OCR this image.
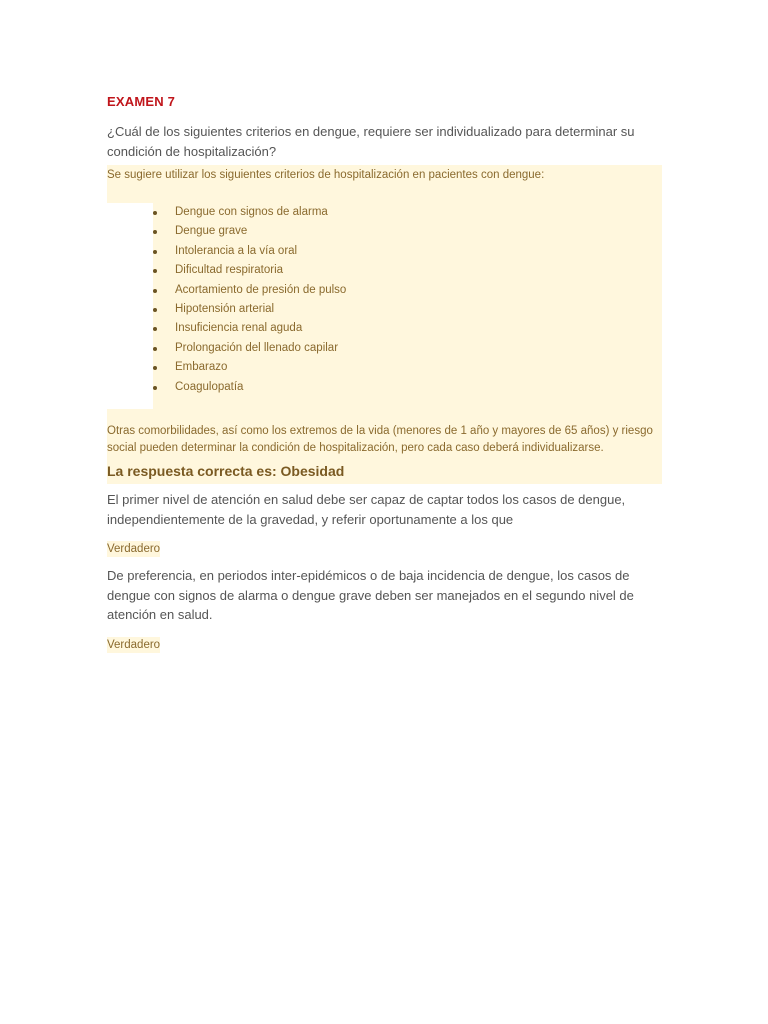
EXAMEN 7

¿Cuál de los siguientes criterios en dengue, requiere ser individualizado para determinar su condición de hospitalización?

Se sugiere utilizar los siguientes criterios de hospitalización en pacientes con dengue:

Dengue con signos de alarma
Dengue grave
Intolerancia a la vía oral
Dificultad respiratoria
Acortamiento de presión de pulso
Hipotensión arterial
Insuficiencia renal aguda
Prolongación del llenado capilar
Embarazo
Coagulopatía

Otras comorbilidades, así como los extremos de la vida (menores de 1 año y mayores de 65 años) y riesgo social pueden determinar la condición de hospitalización, pero cada caso deberá individualizarse.

La respuesta correcta es: Obesidad

El primer nivel de atención en salud debe ser capaz de captar todos los casos de dengue, independientemente de la gravedad, y referir oportunamente a los que

Verdadero

De preferencia, en periodos inter-epidémicos o de baja incidencia de dengue, los casos de dengue con signos de alarma o dengue grave deben ser manejados en el segundo nivel de atención en salud.

Verdadero
